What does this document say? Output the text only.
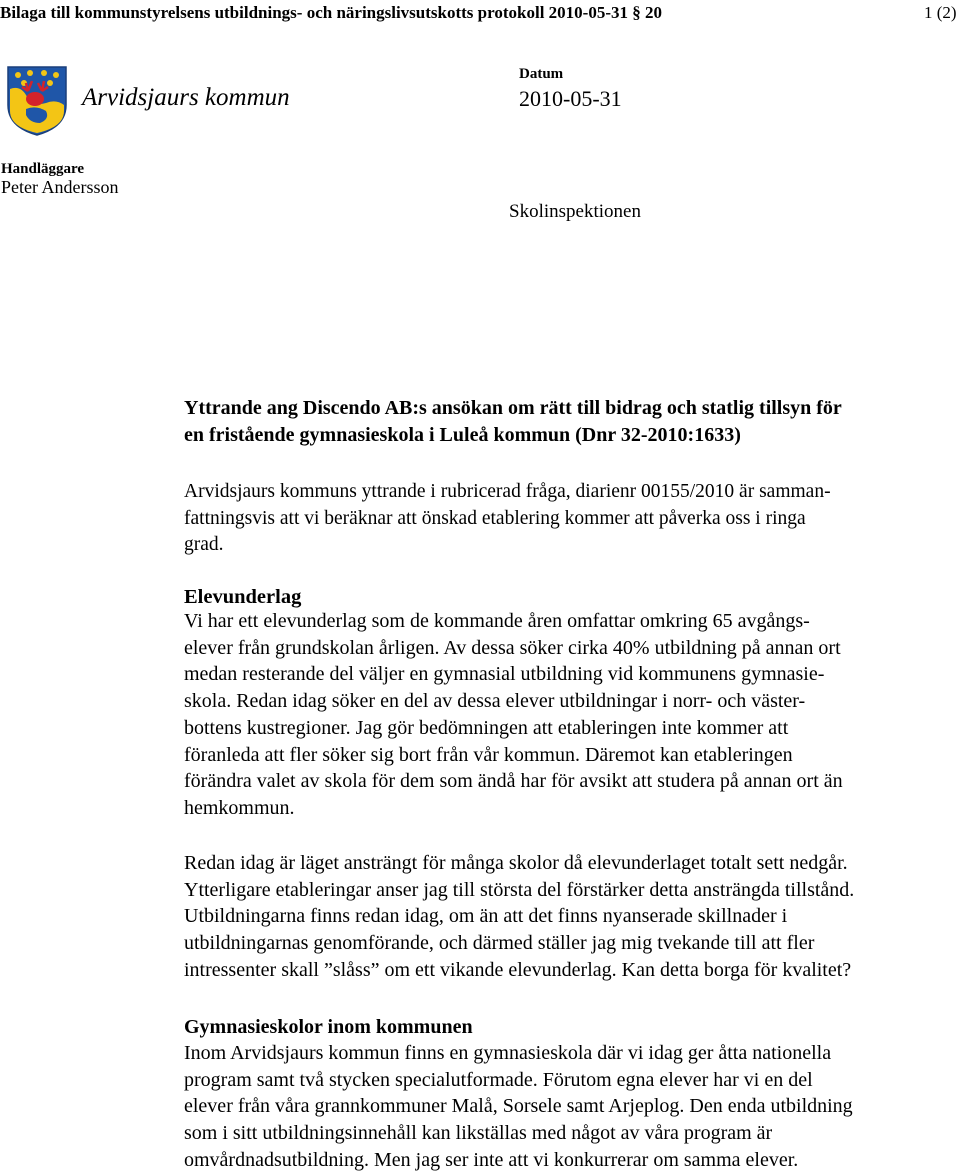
Bilaga till kommunstyrelsens utbildnings- och näringslivsutskotts protokoll 2010-05-31 § 20	1 (2)
Arvidsjaurs kommun
Datum
2010-05-31
Handläggare
Peter Andersson
Skolinspektionen
Yttrande ang Discendo AB:s ansökan om rätt till bidrag och statlig tillsyn för
en fristående gymnasieskola i Luleå kommun (Dnr 32-2010:1633)
Arvidsjaurs kommuns yttrande i rubricerad fråga, diarienr 00155/2010 är samman-
fattningsvis att vi beräknar att önskad etablering kommer att påverka oss i ringa
grad.
Elevunderlag
Vi har ett elevunderlag som de kommande åren omfattar omkring 65 avgångs-
elever från grundskolan årligen. Av dessa söker cirka 40% utbildning på annan ort
medan resterande del väljer en gymnasial utbildning vid kommunens gymnasie-
skola. Redan idag söker en del av dessa elever utbildningar i norr- och väster-
bottens kustregioner. Jag gör bedömningen att etableringen inte kommer att
föranleda att fler söker sig bort från vår kommun. Däremot kan etableringen
förändra valet av skola för dem som ändå har för avsikt att studera på annan ort än
hemkommun.
Redan idag är läget ansträngt för många skolor då elevunderlaget totalt sett nedgår.
Ytterligare etableringar anser jag till största del förstärker detta ansträngda tillstånd.
Utbildningarna finns redan idag, om än att det finns nyanserade skillnader i
utbildningarnas genomförande, och därmed ställer jag mig tvekande till att fler
intressenter skall ”slåss” om ett vikande elevunderlag. Kan detta borga för kvalitet?
Gymnasieskolor inom kommunen
Inom Arvidsjaurs kommun finns en gymnasieskola där vi idag ger åtta nationella
program samt två stycken specialutformade. Förutom egna elever har vi en del
elever från våra grannkommuner Malå, Sorsele samt Arjeplog. Den enda utbildning
som i sitt utbildningsinnehåll kan likställas med något av våra program är
omvårdnadsutbildning. Men jag ser inte att vi konkurrerar om samma elever.
